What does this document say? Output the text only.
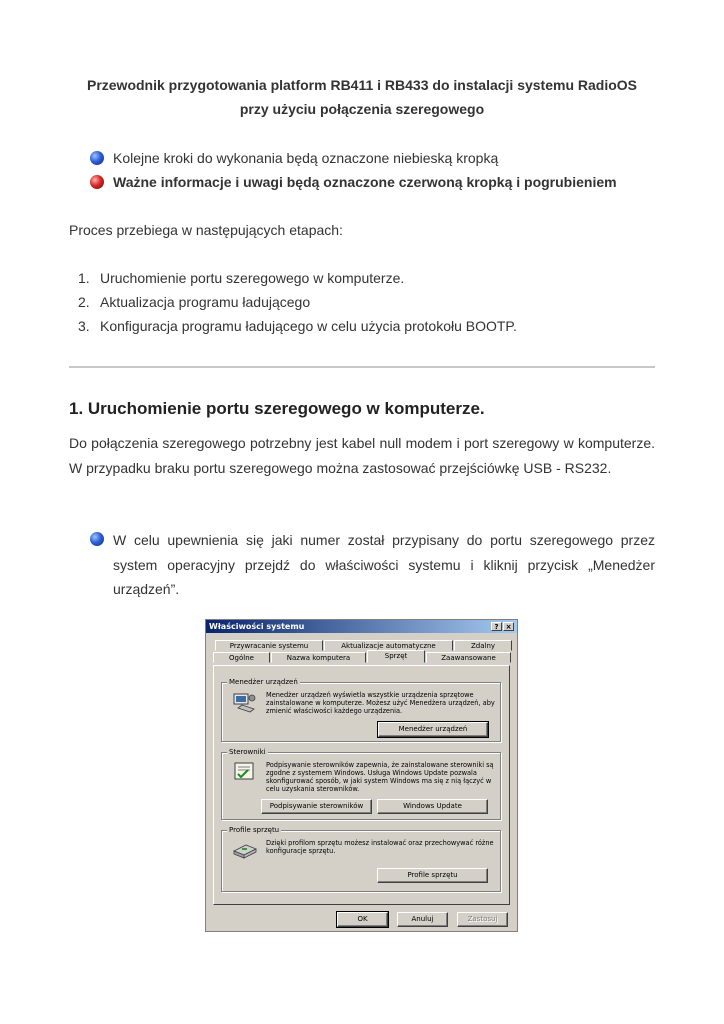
Przewodnik przygotowania platform RB411 i RB433 do instalacji systemu RadioOS
przy użyciu połączenia szeregowego
Kolejne kroki do wykonania będą oznaczone niebieską kropką
Ważne informacje i uwagi będą oznaczone czerwoną kropką i pogrubieniem
Proces przebiega w następujących etapach:
1. Uruchomienie portu szeregowego w komputerze.
2. Aktualizacja programu ładującego
3. Konfiguracja programu ładującego w celu użycia protokołu BOOTP.
1. Uruchomienie portu szeregowego w komputerze.
Do połączenia szeregowego potrzebny jest kabel null modem i port szeregowy w komputerze. W przypadku braku portu szeregowego można zastosować przejściówkę USB - RS232.
W celu upewnienia się jaki numer został przypisany do portu szeregowego przez system operacyjny przejdź do właściwości systemu i kliknij przycisk „Menedżer urządzeń”.
Właściwości systemu	?	×
Przywracanie systemu	Aktualizacje automatyczne	Zdalny
Ogólne	Nazwa komputera	Sprzęt	Zaawansowane
Menedżer urządzeń
Menedżer urządzeń wyświetla wszystkie urządzenia sprzętowe zainstalowane w komputerze. Możesz użyć Menedżera urządzeń, aby zmienić właściwości każdego urządzenia.
Menedżer urządzeń
Sterowniki
Podpisywanie sterowników zapewnia, że zainstalowane sterowniki są zgodne z systemem Windows. Usługa Windows Update pozwala skonfigurować sposób, w jaki system Windows ma się z nią łączyć w celu uzyskania sterowników.
Podpisywanie sterowników	Windows Update
Profile sprzętu
Dzięki profilom sprzętu możesz instalować oraz przechowywać różne konfiguracje sprzętu.
Profile sprzętu
OK	Anuluj	Zastosuj
